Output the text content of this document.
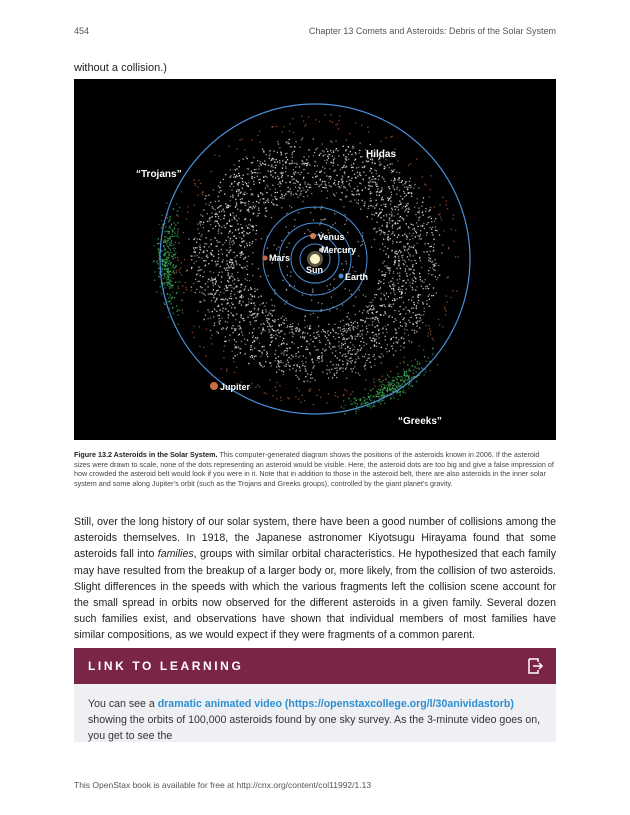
454	Chapter 13 Comets and Asteroids: Debris of the Solar System
without a collision.)
“Trojans”
Hildas
Venus
Mercury
Mars
Sun
Earth
Jupiter
“Greeks”
Figure 13.2 Asteroids in the Solar System. This computer-generated diagram shows the positions of the asteroids known in 2006. If the asteroid sizes were drawn to scale, none of the dots representing an asteroid would be visible. Here, the asteroid dots are too big and give a false impression of how crowded the asteroid belt would look if you were in it. Note that in addition to those in the asteroid belt, there are also asteroids in the inner solar system and some along Jupiter’s orbit (such as the Trojans and Greeks groups), controlled by the giant planet’s gravity.

Still, over the long history of our solar system, there have been a good number of collisions among the asteroids themselves. In 1918, the Japanese astronomer Kiyotsugu Hirayama found that some asteroids fall into families, groups with similar orbital characteristics. He hypothesized that each family may have resulted from the breakup of a larger body or, more likely, from the collision of two asteroids. Slight differences in the speeds with which the various fragments left the collision scene account for the small spread in orbits now observed for the different asteroids in a given family. Several dozen such families exist, and observations have shown that individual members of most families have similar compositions, as we would expect if they were fragments of a common parent.

LINK TO LEARNING
You can see a dramatic animated video (https://openstaxcollege.org/l/30anividastorb) showing the orbits of 100,000 asteroids found by one sky survey. As the 3-minute video goes on, you get to see the
This OpenStax book is available for free at http://cnx.org/content/col11992/1.13
